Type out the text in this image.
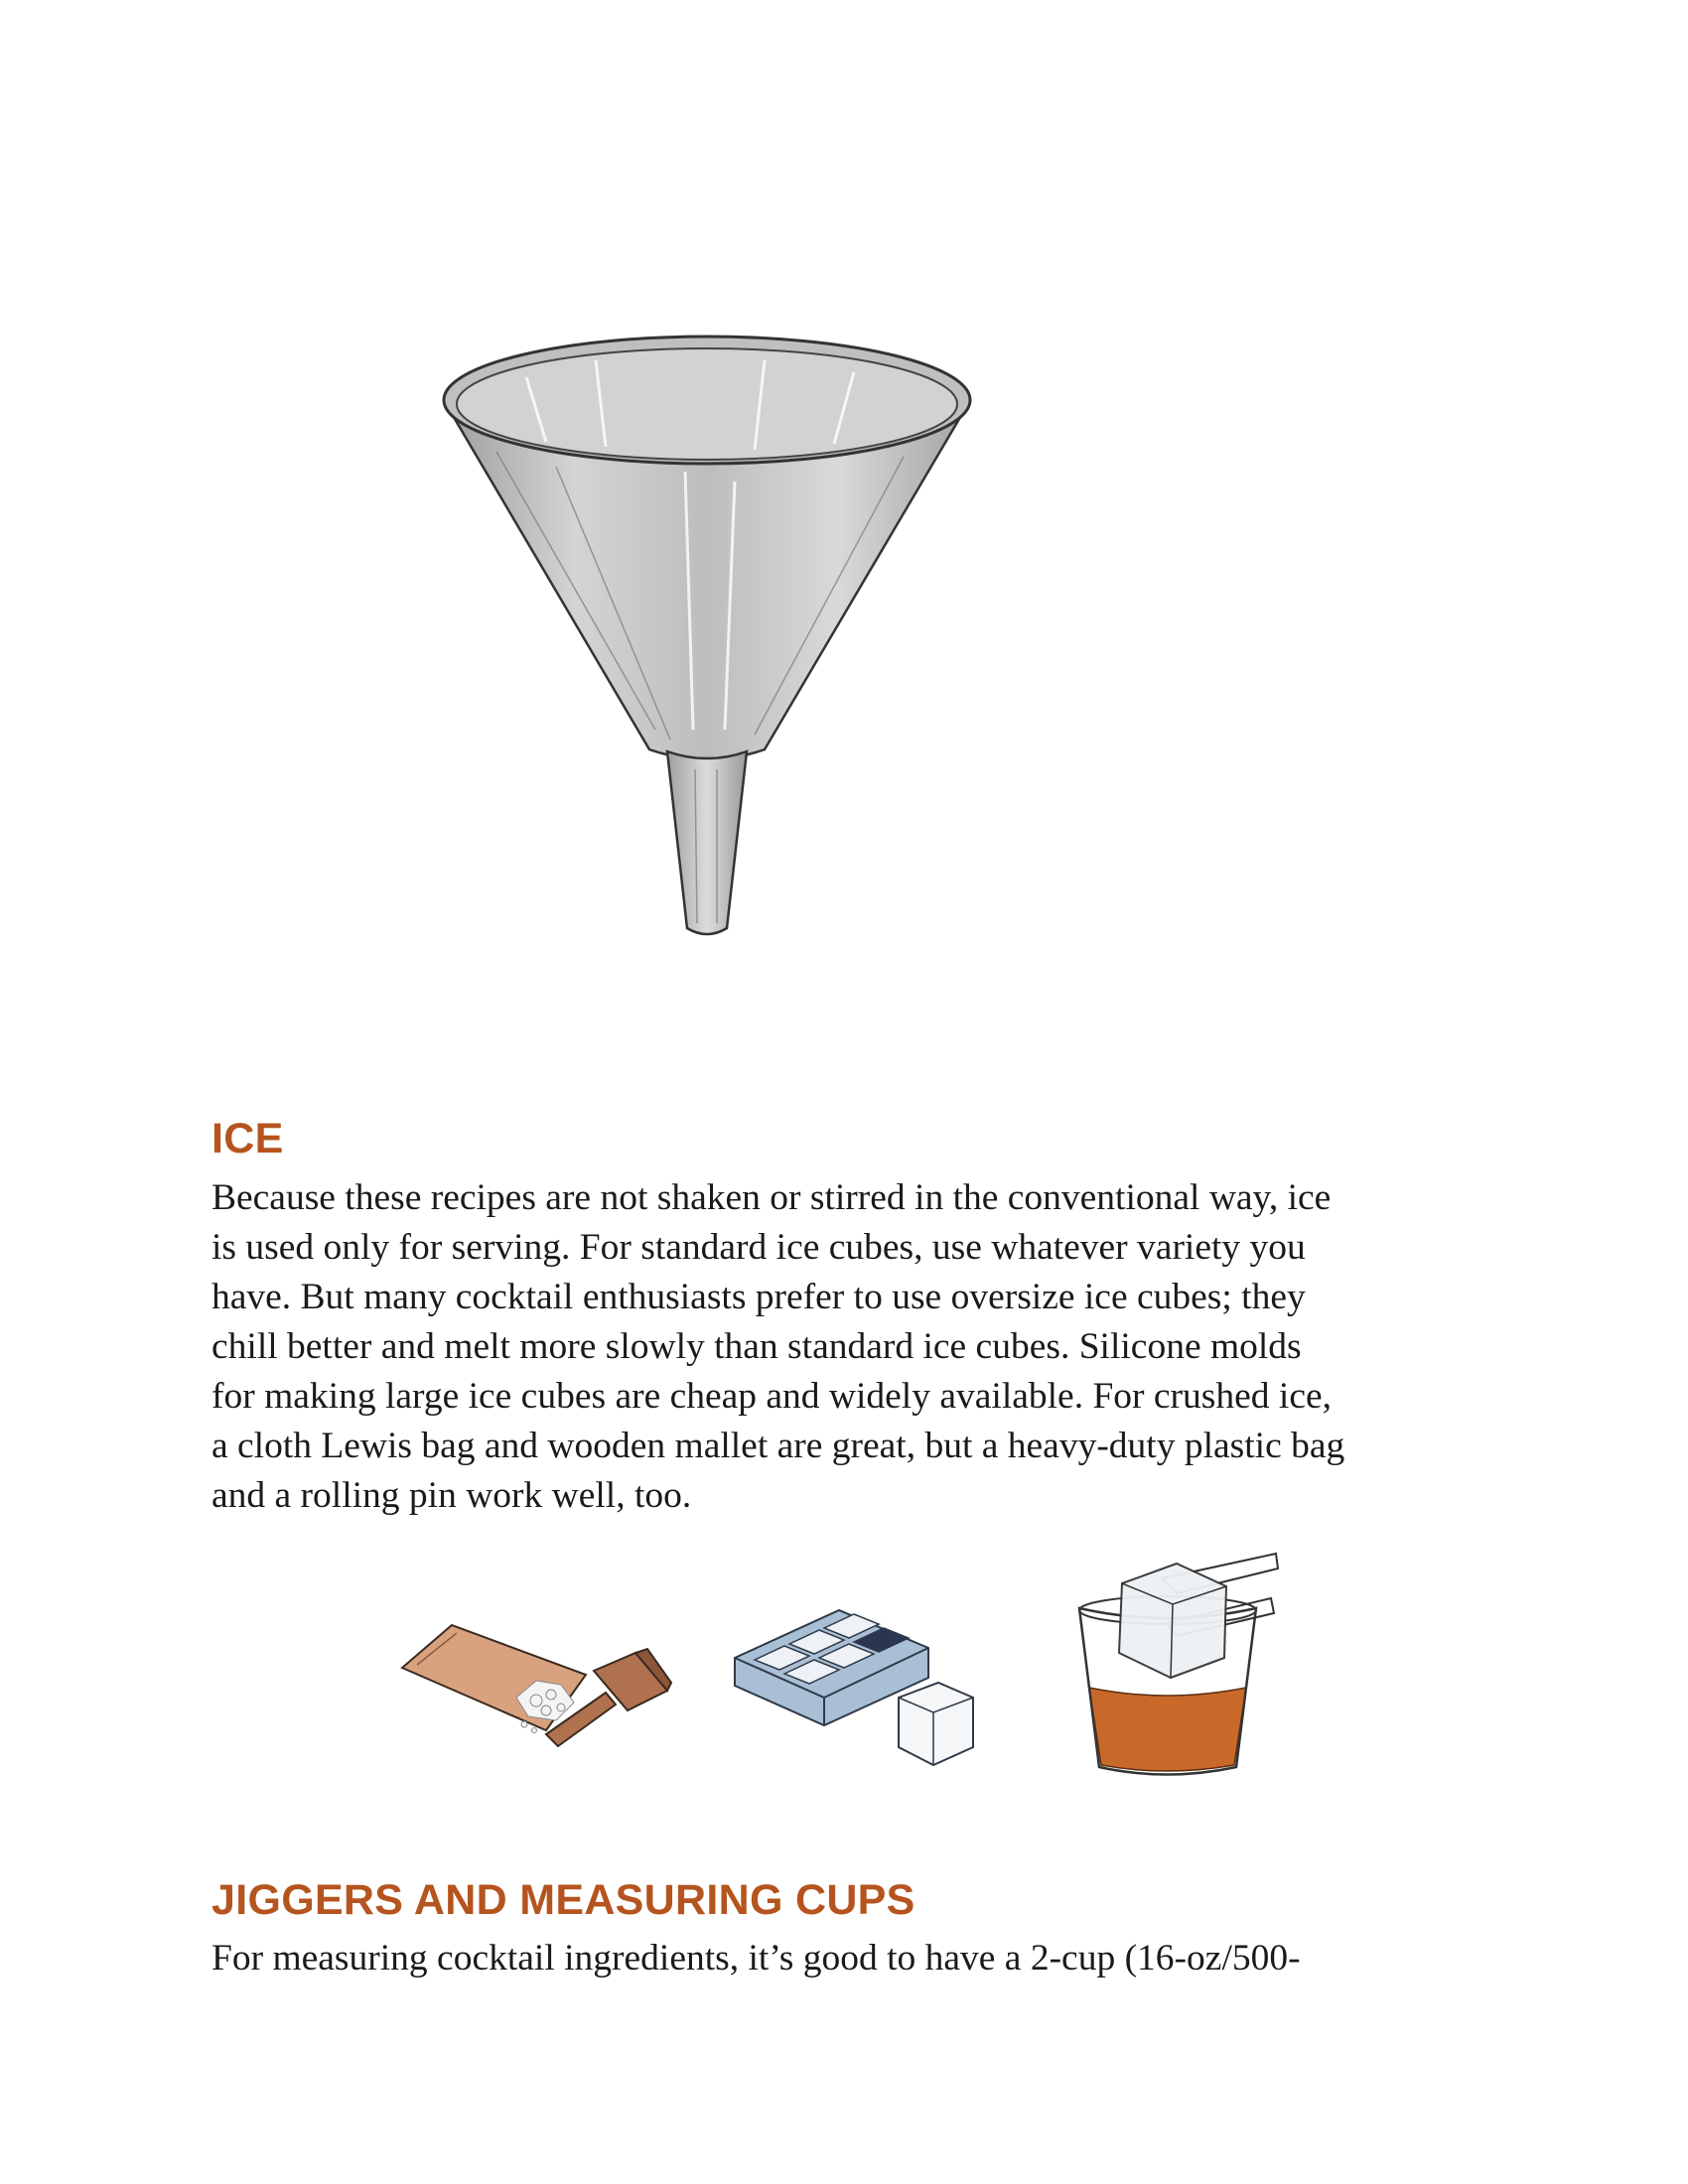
ICE

Because these recipes are not shaken or stirred in the conventional way, ice
is used only for serving. For standard ice cubes, use whatever variety you
have. But many cocktail enthusiasts prefer to use oversize ice cubes; they
chill better and melt more slowly than standard ice cubes. Silicone molds
for making large ice cubes are cheap and widely available. For crushed ice,
a cloth Lewis bag and wooden mallet are great, but a heavy-duty plastic bag
and a rolling pin work well, too.

JIGGERS AND MEASURING CUPS

For measuring cocktail ingredients, it’s good to have a 2-cup (16-oz/500-
